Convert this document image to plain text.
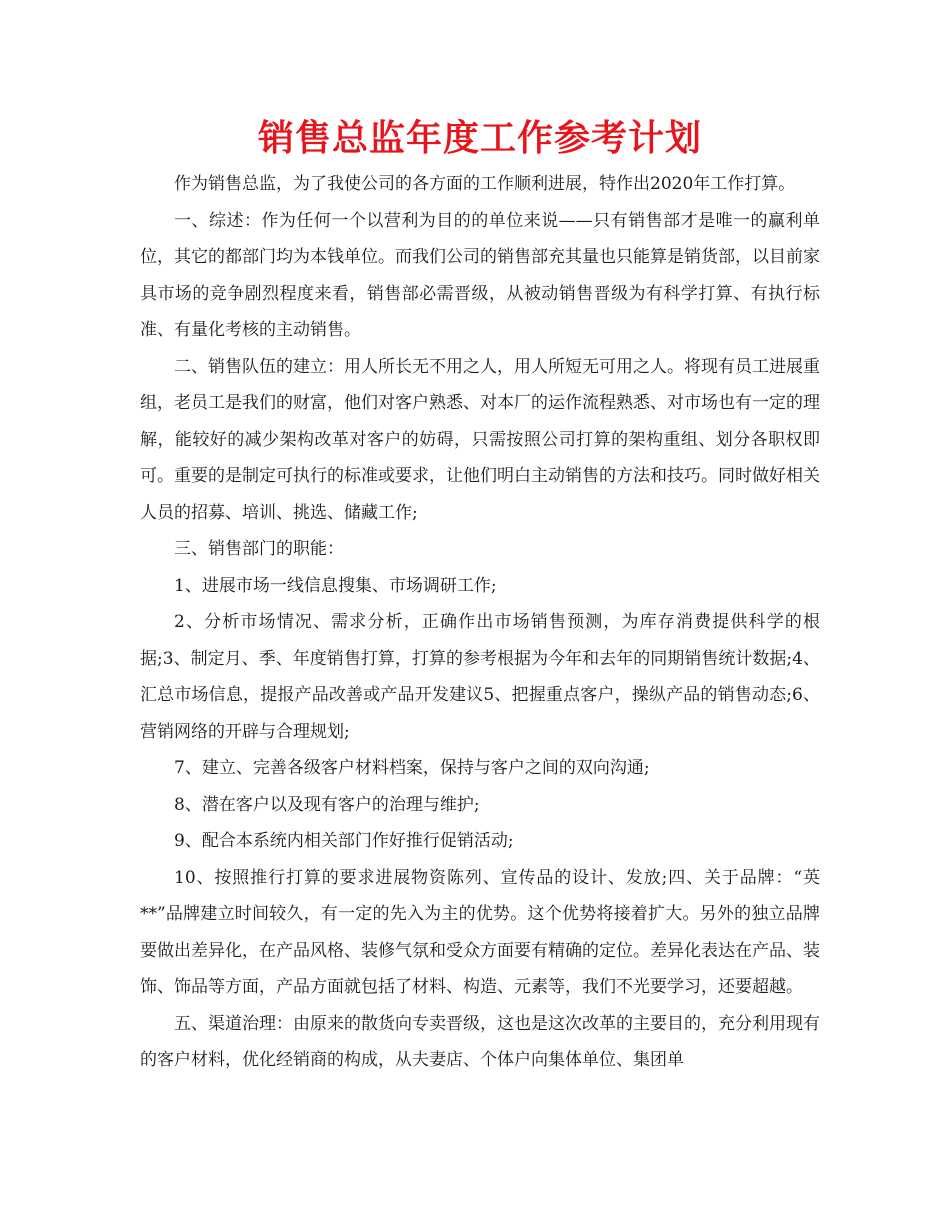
销售总监年度工作参考计划

作为销售总监，为了我使公司的各方面的工作顺利进展，特作出2020年工作打算。

一、综述：作为任何一个以营利为目的的单位来说——只有销售部才是唯一的赢利单位，其它的都部门均为本钱单位。而我们公司的销售部充其量也只能算是销货部，以目前家具市场的竞争剧烈程度来看，销售部必需晋级，从被动销售晋级为有科学打算、有执行标准、有量化考核的主动销售。

二、销售队伍的建立：用人所长无不用之人，用人所短无可用之人。将现有员工进展重组，老员工是我们的财富，他们对客户熟悉、对本厂的运作流程熟悉、对市场也有一定的理解，能较好的减少架构改革对客户的妨碍，只需按照公司打算的架构重组、划分各职权即可。重要的是制定可执行的标准或要求，让他们明白主动销售的方法和技巧。同时做好相关人员的招募、培训、挑选、储藏工作;

三、销售部门的职能：

1、进展市场一线信息搜集、市场调研工作;

2、分析市场情况、需求分析，正确作出市场销售预测，为库存消费提供科学的根据;3、制定月、季、年度销售打算，打算的参考根据为今年和去年的同期销售统计数据;4、汇总市场信息，提报产品改善或产品开发建议5、把握重点客户，操纵产品的销售动态;6、营销网络的开辟与合理规划;

7、建立、完善各级客户材料档案，保持与客户之间的双向沟通;

8、潜在客户以及现有客户的治理与维护;

9、配合本系统内相关部门作好推行促销活动;

10、按照推行打算的要求进展物资陈列、宣传品的设计、发放;四、关于品牌：“英**”品牌建立时间较久，有一定的先入为主的优势。这个优势将接着扩大。另外的独立品牌要做出差异化，在产品风格、装修气氛和受众方面要有精确的定位。差异化表达在产品、装饰、饰品等方面，产品方面就包括了材料、构造、元素等，我们不光要学习，还要超越。

五、渠道治理：由原来的散货向专卖晋级，这也是这次改革的主要目的，充分利用现有的客户材料，优化经销商的构成，从夫妻店、个体户向集体单位、集团单
